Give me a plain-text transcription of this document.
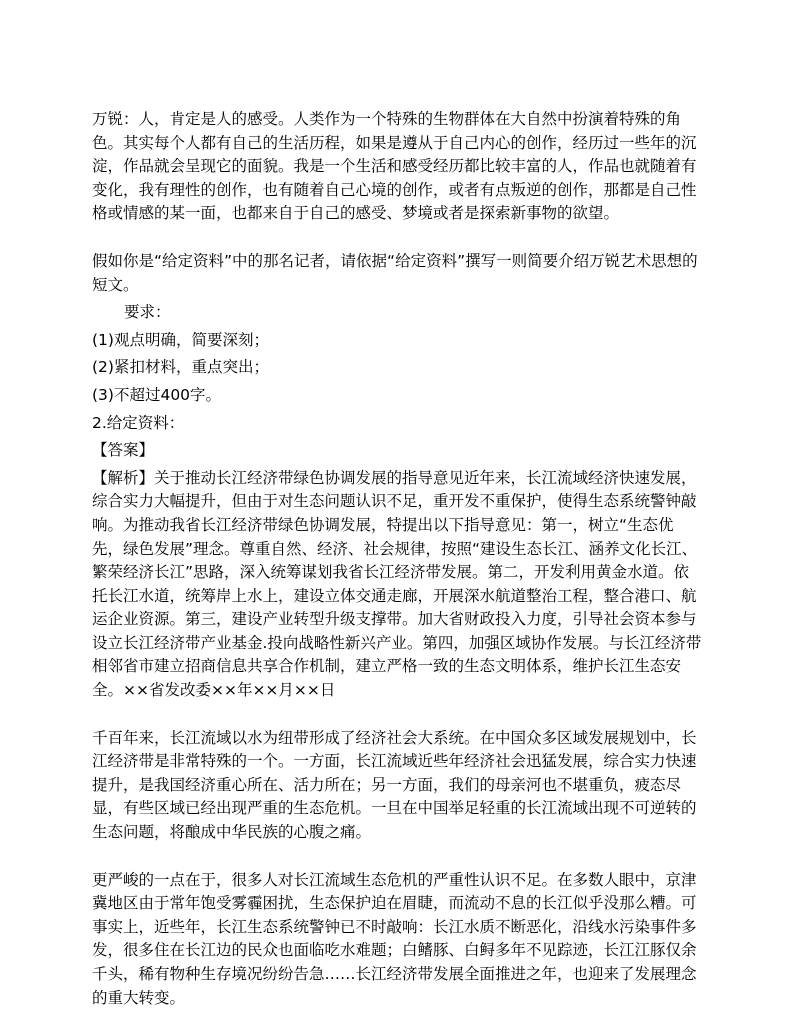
万锐：人，肯定是人的感受。人类作为一个特殊的生物群体在大自然中扮演着特殊的角色。其实每个人都有自己的生活历程，如果是遵从于自己内心的创作，经历过一些年的沉淀，作品就会呈现它的面貌。我是一个生活和感受经历都比较丰富的人，作品也就随着有变化，我有理性的创作，也有随着自己心境的创作，或者有点叛逆的创作，那都是自己性格或情感的某一面，也都来自于自己的感受、梦境或者是探索新事物的欲望。

假如你是“给定资料”中的那名记者，请依据“给定资料”撰写一则简要介绍万锐艺术思想的短文。

要求：

(1)观点明确，简要深刻；

(2)紧扣材料，重点突出；

(3)不超过400字。

2.给定资料：

【答案】

【解析】关于推动长江经济带绿色协调发展的指导意见近年来，长江流域经济快速发展，综合实力大幅提升，但由于对生态问题认识不足，重开发不重保护，使得生态系统警钟敲响。为推动我省长江经济带绿色协调发展，特提出以下指导意见：第一，树立“生态优先，绿色发展”理念。尊重自然、经济、社会规律，按照“建设生态长江、涵养文化长江、繁荣经济长江”思路，深入统筹谋划我省长江经济带发展。第二，开发利用黄金水道。依托长江水道，统筹岸上水上，建设立体交通走廊，开展深水航道整治工程，整合港口、航运企业资源。第三，建设产业转型升级支撑带。加大省财政投入力度，引导社会资本参与设立长江经济带产业基金.投向战略性新兴产业。第四，加强区域协作发展。与长江经济带相邻省市建立招商信息共享合作机制，建立严格一致的生态文明体系，维护长江生态安全。××省发改委××年××月××日

千百年来，长江流域以水为纽带形成了经济社会大系统。在中国众多区域发展规划中，长江经济带是非常特殊的一个。一方面，长江流域近些年经济社会迅猛发展，综合实力快速提升，是我国经济重心所在、活力所在；另一方面，我们的母亲河也不堪重负，疲态尽显，有些区域已经出现严重的生态危机。一旦在中国举足轻重的长江流域出现不可逆转的生态问题，将酿成中华民族的心腹之痛。

更严峻的一点在于，很多人对长江流域生态危机的严重性认识不足。在多数人眼中，京津冀地区由于常年饱受雾霾困扰，生态保护迫在眉睫，而流动不息的长江似乎没那么糟。可事实上，近些年，长江生态系统警钟已不时敲响：长江水质不断恶化，沿线水污染事件多发，很多住在长江边的民众也面临吃水难题；白鳍豚、白鲟多年不见踪迹，长江江豚仅余千头，稀有物种生存境况纷纷告急……长江经济带发展全面推进之年，也迎来了发展理念的重大转变。
